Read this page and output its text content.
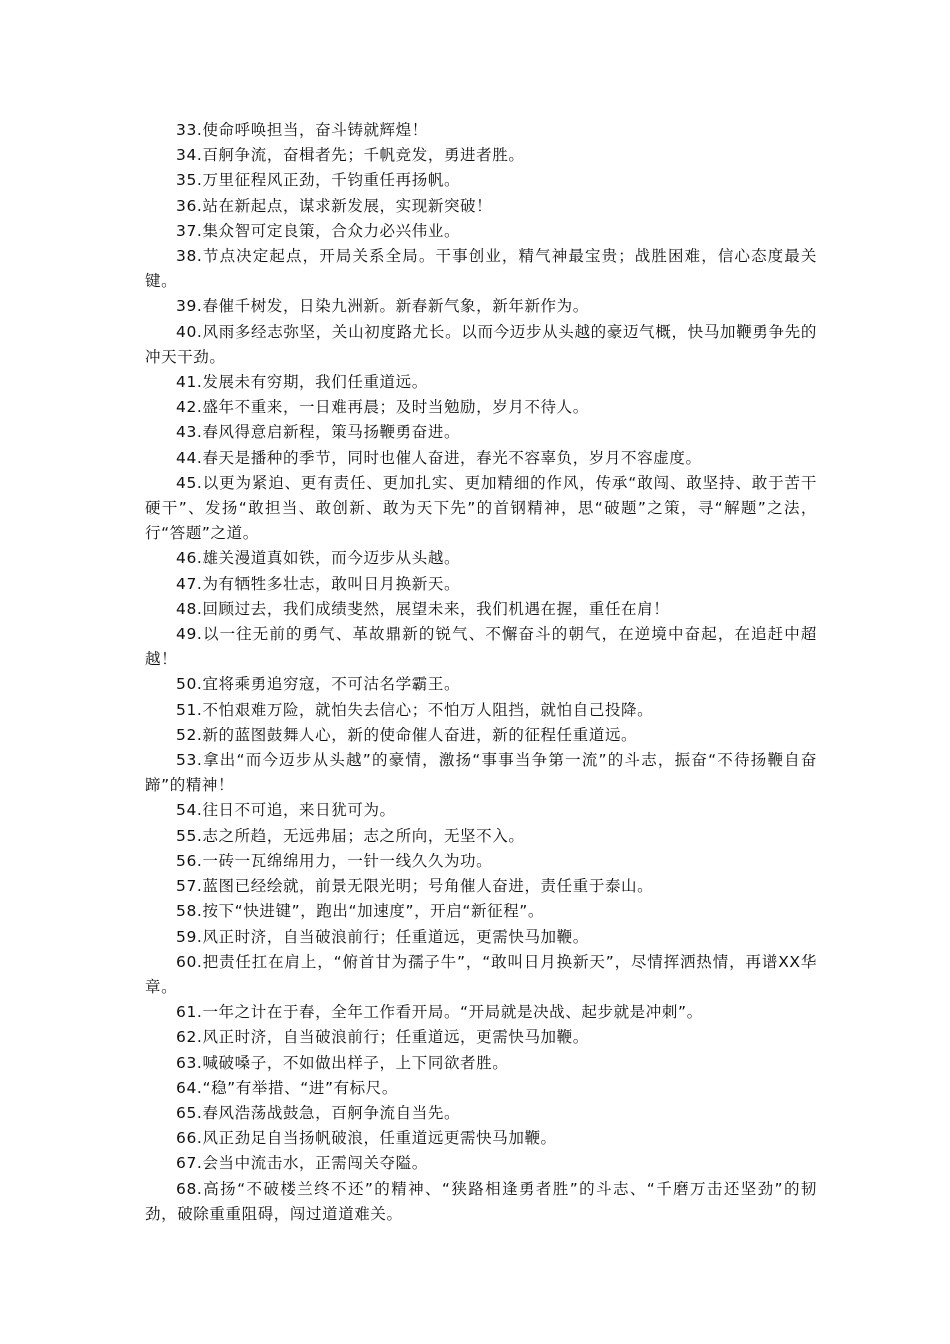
33.使命呼唤担当，奋斗铸就辉煌！

34.百舸争流，奋楫者先；千帆竞发，勇进者胜。

35.万里征程风正劲，千钧重任再扬帆。

36.站在新起点，谋求新发展，实现新突破！

37.集众智可定良策，合众力必兴伟业。

38.节点决定起点，开局关系全局。干事创业，精气神最宝贵；战胜困难，信心态度最关键。

39.春催千树发，日染九洲新。新春新气象，新年新作为。

40.风雨多经志弥坚，关山初度路尤长。以而今迈步从头越的豪迈气概，快马加鞭勇争先的冲天干劲。

41.发展未有穷期，我们任重道远。

42.盛年不重来，一日难再晨；及时当勉励，岁月不待人。

43.春风得意启新程，策马扬鞭勇奋进。

44.春天是播种的季节，同时也催人奋进，春光不容辜负，岁月不容虚度。

45.以更为紧迫、更有责任、更加扎实、更加精细的作风，传承“敢闯、敢坚持、敢于苦干硬干”、发扬“敢担当、敢创新、敢为天下先”的首钢精神，思“破题”之策，寻“解题”之法，行“答题”之道。

46.雄关漫道真如铁，而今迈步从头越。

47.为有牺牲多壮志，敢叫日月换新天。

48.回顾过去，我们成绩斐然，展望未来，我们机遇在握，重任在肩！

49.以一往无前的勇气、革故鼎新的锐气、不懈奋斗的朝气，在逆境中奋起，在追赶中超越！

50.宜将乘勇追穷寇，不可沽名学霸王。

51.不怕艰难万险，就怕失去信心；不怕万人阻挡，就怕自己投降。

52.新的蓝图鼓舞人心，新的使命催人奋进，新的征程任重道远。

53.拿出“而今迈步从头越”的豪情，激扬“事事当争第一流”的斗志，振奋“不待扬鞭自奋蹄”的精神！

54.往日不可追，来日犹可为。

55.志之所趋，无远弗届；志之所向，无坚不入。

56.一砖一瓦绵绵用力，一针一线久久为功。

57.蓝图已经绘就，前景无限光明；号角催人奋进，责任重于泰山。

58.按下“快进键”，跑出“加速度”，开启“新征程”。

59.风正时济，自当破浪前行；任重道远，更需快马加鞭。

60.把责任扛在肩上，“俯首甘为孺子牛”，“敢叫日月换新天”，尽情挥洒热情，再谱XX华章。

61.一年之计在于春，全年工作看开局。“开局就是决战、起步就是冲刺”。

62.风正时济，自当破浪前行；任重道远，更需快马加鞭。

63.喊破嗓子，不如做出样子，上下同欲者胜。

64.“稳”有举措、“进”有标尺。

65.春风浩荡战鼓急，百舸争流自当先。

66.风正劲足自当扬帆破浪，任重道远更需快马加鞭。

67.会当中流击水，正需闯关夺隘。

68.高扬“不破楼兰终不还”的精神、“狭路相逢勇者胜”的斗志、“千磨万击还坚劲”的韧劲，破除重重阻碍，闯过道道难关。
